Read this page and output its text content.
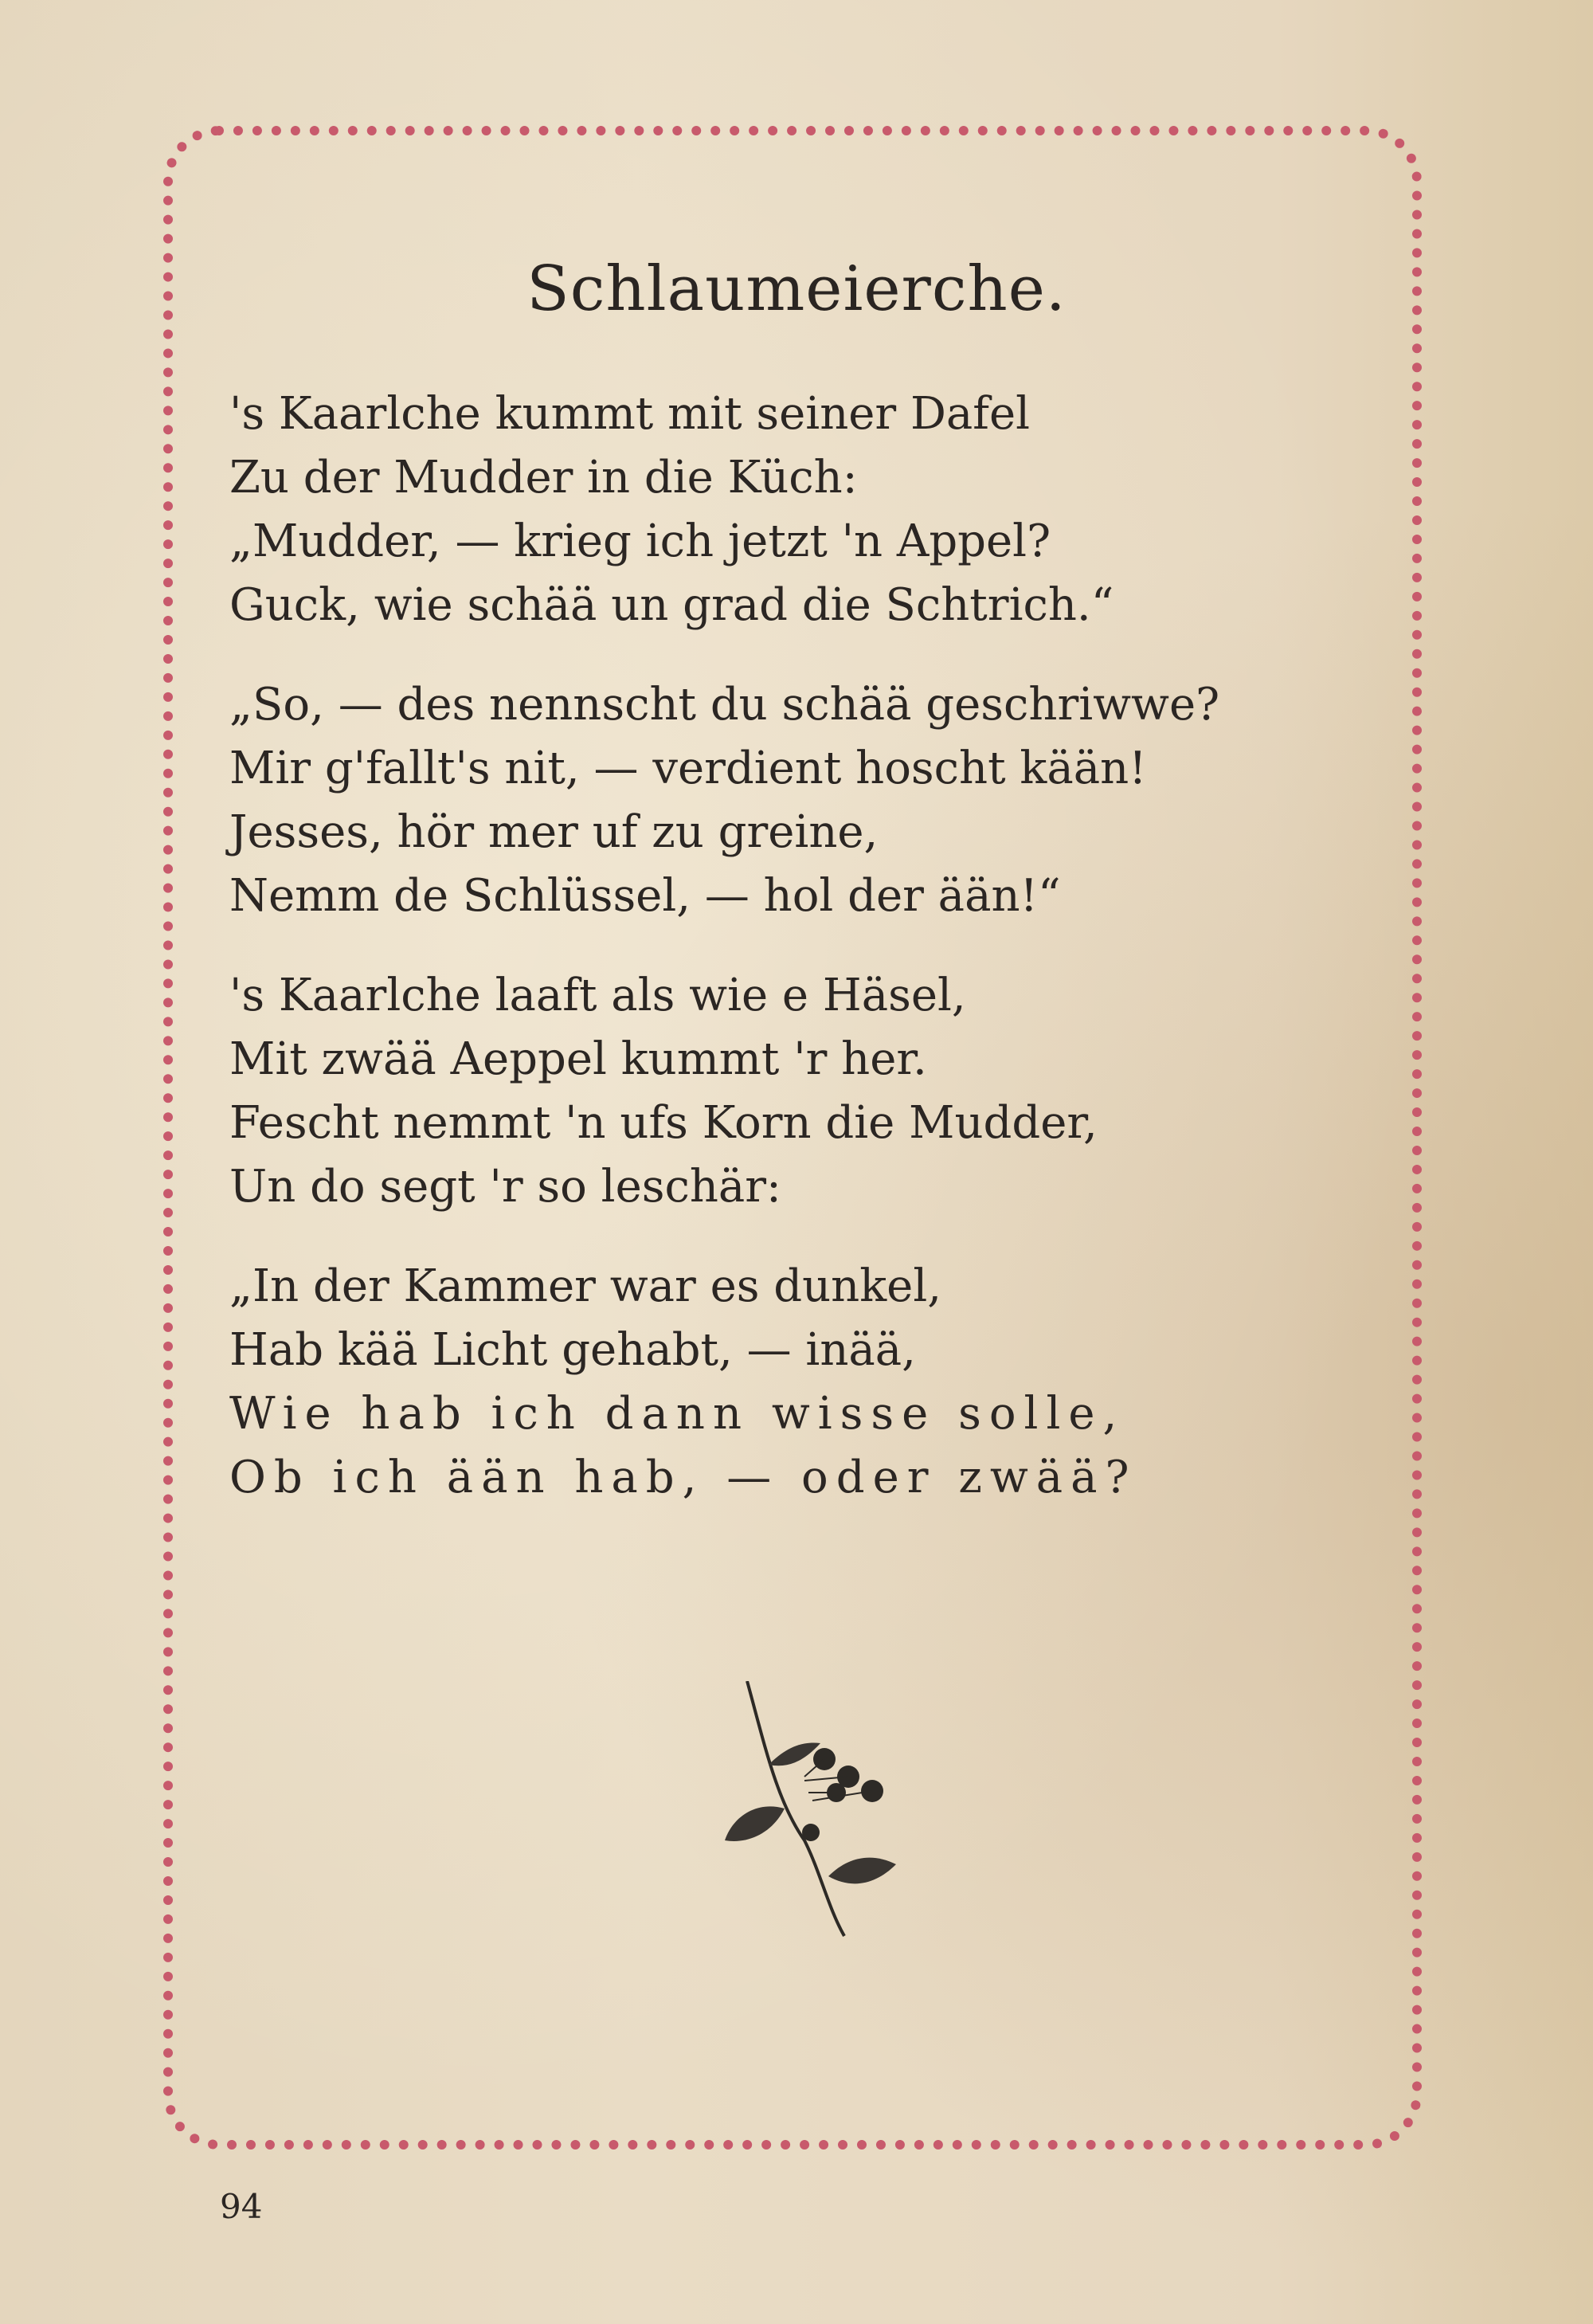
Schlaumeierche.
's Kaarlche kummt mit seiner Dafel
Zu der Mudder in die Küch:
„Mudder, — krieg ich jetzt 'n Appel?
Guck, wie schää un grad die Schtrich.“
„So, — des nennscht du schää geschriwwe?
Mir g'fallt's nit, — verdient hoscht kään!
Jesses, hör mer uf zu greine,
Nemm de Schlüssel, — hol der ään!“
's Kaarlche laaft als wie e Häsel,
Mit zwää Aeppel kummt 'r her.
Fescht nemmt 'n ufs Korn die Mudder,
Un do segt 'r so leschär:
„In der Kammer war es dunkel,
Hab kää Licht gehabt, — inää,
Wie hab ich dann wisse solle,
Ob ich ään hab, — oder zwää?
94
